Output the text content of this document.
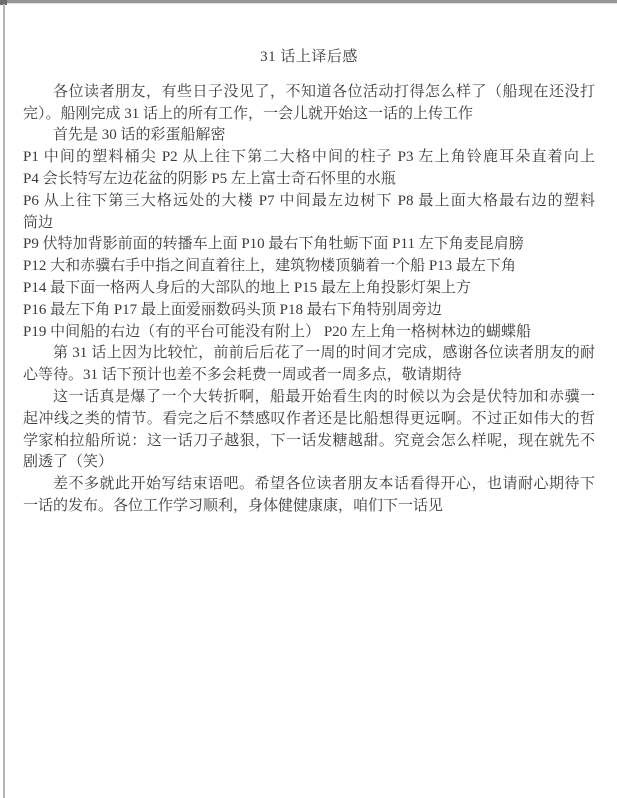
31 话上译后感
各位读者朋友，有些日子没见了，不知道各位活动打得怎么样了（船现在还没打
完）。船刚完成 31 话上的所有工作，一会儿就开始这一话的上传工作
首先是 30 话的彩蛋船解密
P1 中间的塑料桶尖 P2 从上往下第二大格中间的柱子 P3 左上角铃鹿耳朵直着向上
P4 会长特写左边花盆的阴影 P5 左上富士奇石怀里的水瓶
P6 从上往下第三大格远处的大楼 P7 中间最左边树下 P8 最上面大格最右边的塑料
筒边
P9 伏特加背影前面的转播车上面 P10 最右下角牡蛎下面 P11 左下角麦昆肩膀
P12 大和赤骥右手中指之间直着往上，建筑物楼顶躺着一个船 P13 最左下角
P14 最下面一格两人身后的大部队的地上 P15 最左上角投影灯架上方
P16 最左下角 P17 最上面爱丽数码头顶 P18 最右下角特别周旁边
P19 中间船的右边（有的平台可能没有附上） P20 左上角一格树林边的蝴蝶船
第 31 话上因为比较忙，前前后后花了一周的时间才完成，感谢各位读者朋友的耐
心等待。31 话下预计也差不多会耗费一周或者一周多点，敬请期待
这一话真是爆了一个大转折啊，船最开始看生肉的时候以为会是伏特加和赤骥一
起冲线之类的情节。看完之后不禁感叹作者还是比船想得更远啊。不过正如伟大的哲
学家柏拉船所说：这一话刀子越狠，下一话发糖越甜。究竟会怎么样呢，现在就先不
剧透了（笑）
差不多就此开始写结束语吧。希望各位读者朋友本话看得开心，也请耐心期待下
一话的发布。各位工作学习顺利，身体健健康康，咱们下一话见
